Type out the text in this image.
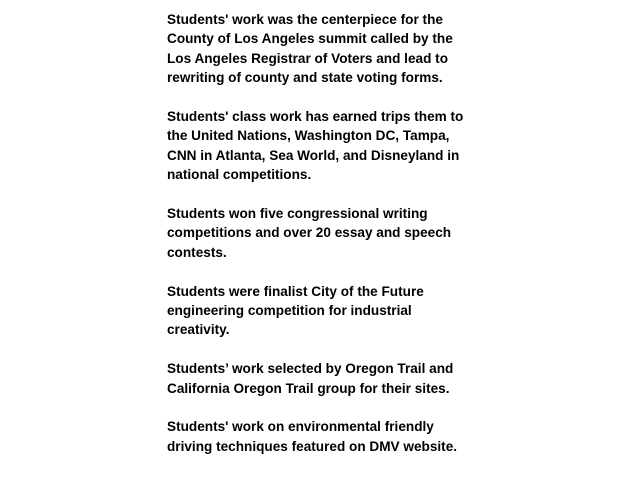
Students' work was the centerpiece for the
County of Los Angeles summit called by the
Los Angeles Registrar of Voters and lead to
rewriting of county and state voting forms.

Students' class work has earned trips them to
the United Nations, Washington DC, Tampa,
CNN in Atlanta, Sea World, and Disneyland in
national competitions.

Students won five congressional writing
competitions and over 20 essay and speech
contests.

Students were finalist City of the Future
engineering competition for industrial
creativity.

Students’ work selected by Oregon Trail and
California Oregon Trail group for their sites.

Students' work on environmental friendly
driving techniques featured on DMV website.
